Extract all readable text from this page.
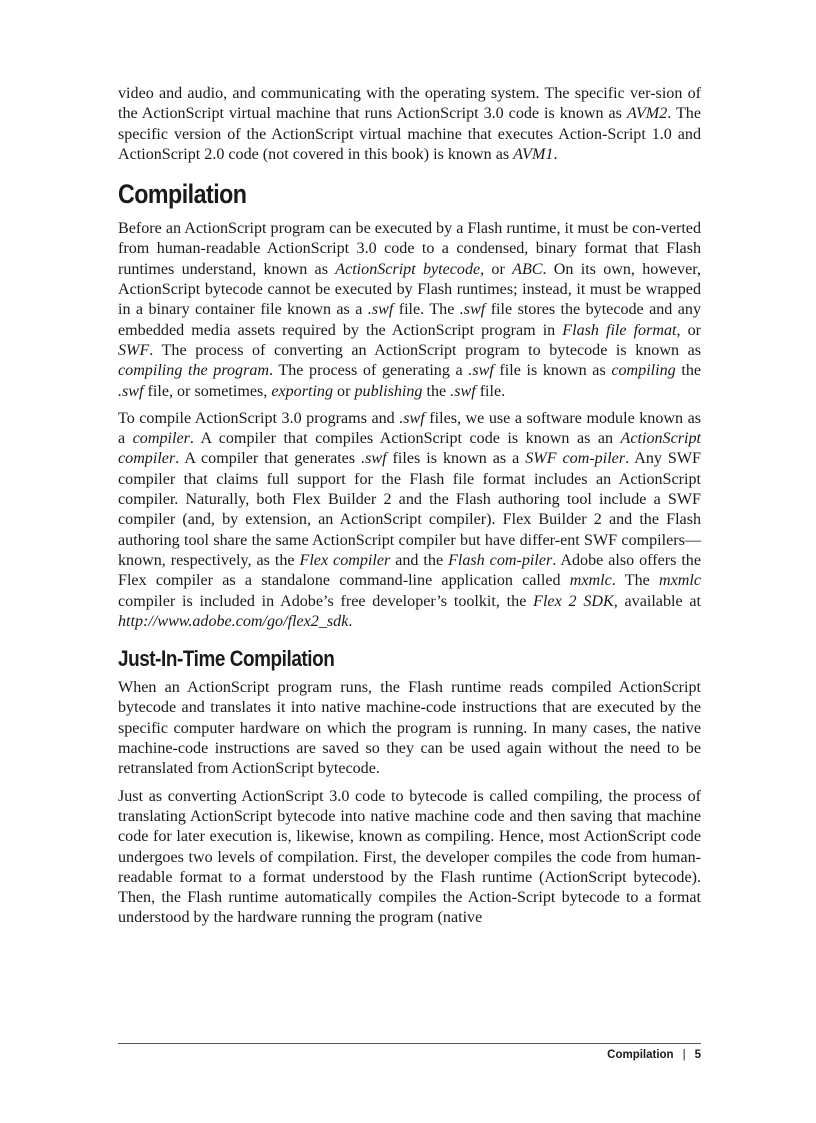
video and audio, and communicating with the operating system. The specific ver-sion of the ActionScript virtual machine that runs ActionScript 3.0 code is known as AVM2. The specific version of the ActionScript virtual machine that executes Action-Script 1.0 and ActionScript 2.0 code (not covered in this book) is known as AVM1.

Compilation

Before an ActionScript program can be executed by a Flash runtime, it must be con-verted from human-readable ActionScript 3.0 code to a condensed, binary format that Flash runtimes understand, known as ActionScript bytecode, or ABC. On its own, however, ActionScript bytecode cannot be executed by Flash runtimes; instead, it must be wrapped in a binary container file known as a .swf file. The .swf file stores the bytecode and any embedded media assets required by the ActionScript program in Flash file format, or SWF. The process of converting an ActionScript program to bytecode is known as compiling the program. The process of generating a .swf file is known as compiling the .swf file, or sometimes, exporting or publishing the .swf file.

To compile ActionScript 3.0 programs and .swf files, we use a software module known as a compiler. A compiler that compiles ActionScript code is known as an ActionScript compiler. A compiler that generates .swf files is known as a SWF com-piler. Any SWF compiler that claims full support for the Flash file format includes an ActionScript compiler. Naturally, both Flex Builder 2 and the Flash authoring tool include a SWF compiler (and, by extension, an ActionScript compiler). Flex Builder 2 and the Flash authoring tool share the same ActionScript compiler but have differ-ent SWF compilers—known, respectively, as the Flex compiler and the Flash com-piler. Adobe also offers the Flex compiler as a standalone command-line application called mxmlc. The mxmlc compiler is included in Adobe’s free developer’s toolkit, the Flex 2 SDK, available at http://www.adobe.com/go/flex2_sdk.

Just-In-Time Compilation

When an ActionScript program runs, the Flash runtime reads compiled ActionScript bytecode and translates it into native machine-code instructions that are executed by the specific computer hardware on which the program is running. In many cases, the native machine-code instructions are saved so they can be used again without the need to be retranslated from ActionScript bytecode.

Just as converting ActionScript 3.0 code to bytecode is called compiling, the process of translating ActionScript bytecode into native machine code and then saving that machine code for later execution is, likewise, known as compiling. Hence, most ActionScript code undergoes two levels of compilation. First, the developer compiles the code from human-readable format to a format understood by the Flash runtime (ActionScript bytecode). Then, the Flash runtime automatically compiles the Action-Script bytecode to a format understood by the hardware running the program (native

Compilation | 5
